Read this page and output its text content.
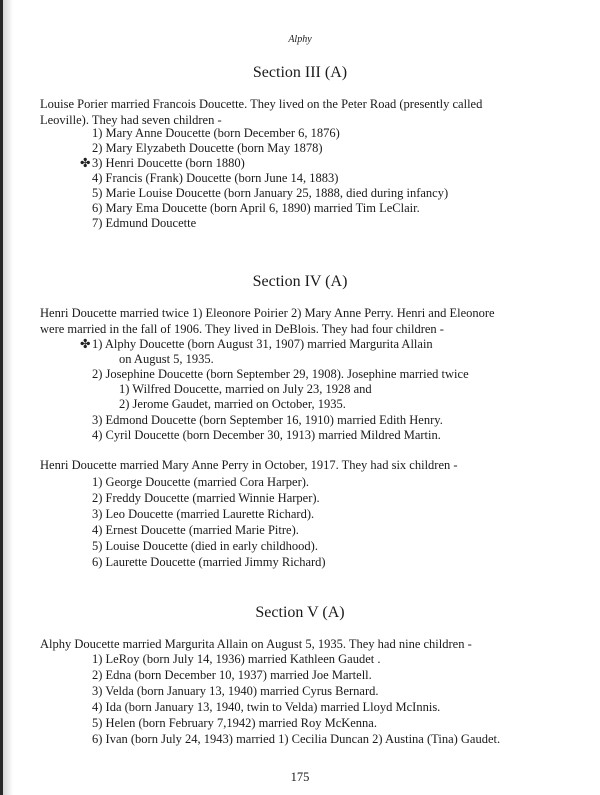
Alphy
Section III (A)
Louise Porier married Francois Doucette. They lived on the Peter Road (presently called
Leoville). They had seven children -
1) Mary Anne Doucette (born December 6, 1876)
2) Mary Elyzabeth Doucette (born May 1878)
✤ 3) Henri Doucette (born 1880)
4) Francis (Frank) Doucette (born June 14, 1883)
5) Marie Louise Doucette (born January 25, 1888, died during infancy)
6) Mary Ema Doucette (born April 6, 1890) married Tim LeClair.
7) Edmund Doucette
Section IV (A)
Henri Doucette married twice 1) Eleonore Poirier 2) Mary Anne Perry. Henri and Eleonore
were married in the fall of 1906. They lived in DeBlois. They had four children -
✤ 1) Alphy Doucette (born August 31, 1907) married Margurita Allain
on August 5, 1935.
2) Josephine Doucette (born September 29, 1908). Josephine married twice
1) Wilfred Doucette, married on July 23, 1928 and
2) Jerome Gaudet, married on October, 1935.
3) Edmond Doucette (born September 16, 1910) married Edith Henry.
4) Cyril Doucette (born December 30, 1913) married Mildred Martin.
Henri Doucette married Mary Anne Perry in October, 1917. They had six children -
1) George Doucette (married Cora Harper).
2) Freddy Doucette (married Winnie Harper).
3) Leo Doucette (married Laurette Richard).
4) Ernest Doucette (married Marie Pitre).
5) Louise Doucette (died in early childhood).
6) Laurette Doucette (married Jimmy Richard)
Section V (A)
Alphy Doucette married Margurita Allain on August 5, 1935. They had nine children -
1) LeRoy (born July 14, 1936) married Kathleen Gaudet .
2) Edna (born December 10, 1937) married Joe Martell.
3) Velda (born January 13, 1940) married Cyrus Bernard.
4) Ida (born January 13, 1940, twin to Velda) married Lloyd McInnis.
5) Helen (born February 7,1942) married Roy McKenna.
6) Ivan (born July 24, 1943) married 1) Cecilia Duncan 2) Austina (Tina) Gaudet.
175
